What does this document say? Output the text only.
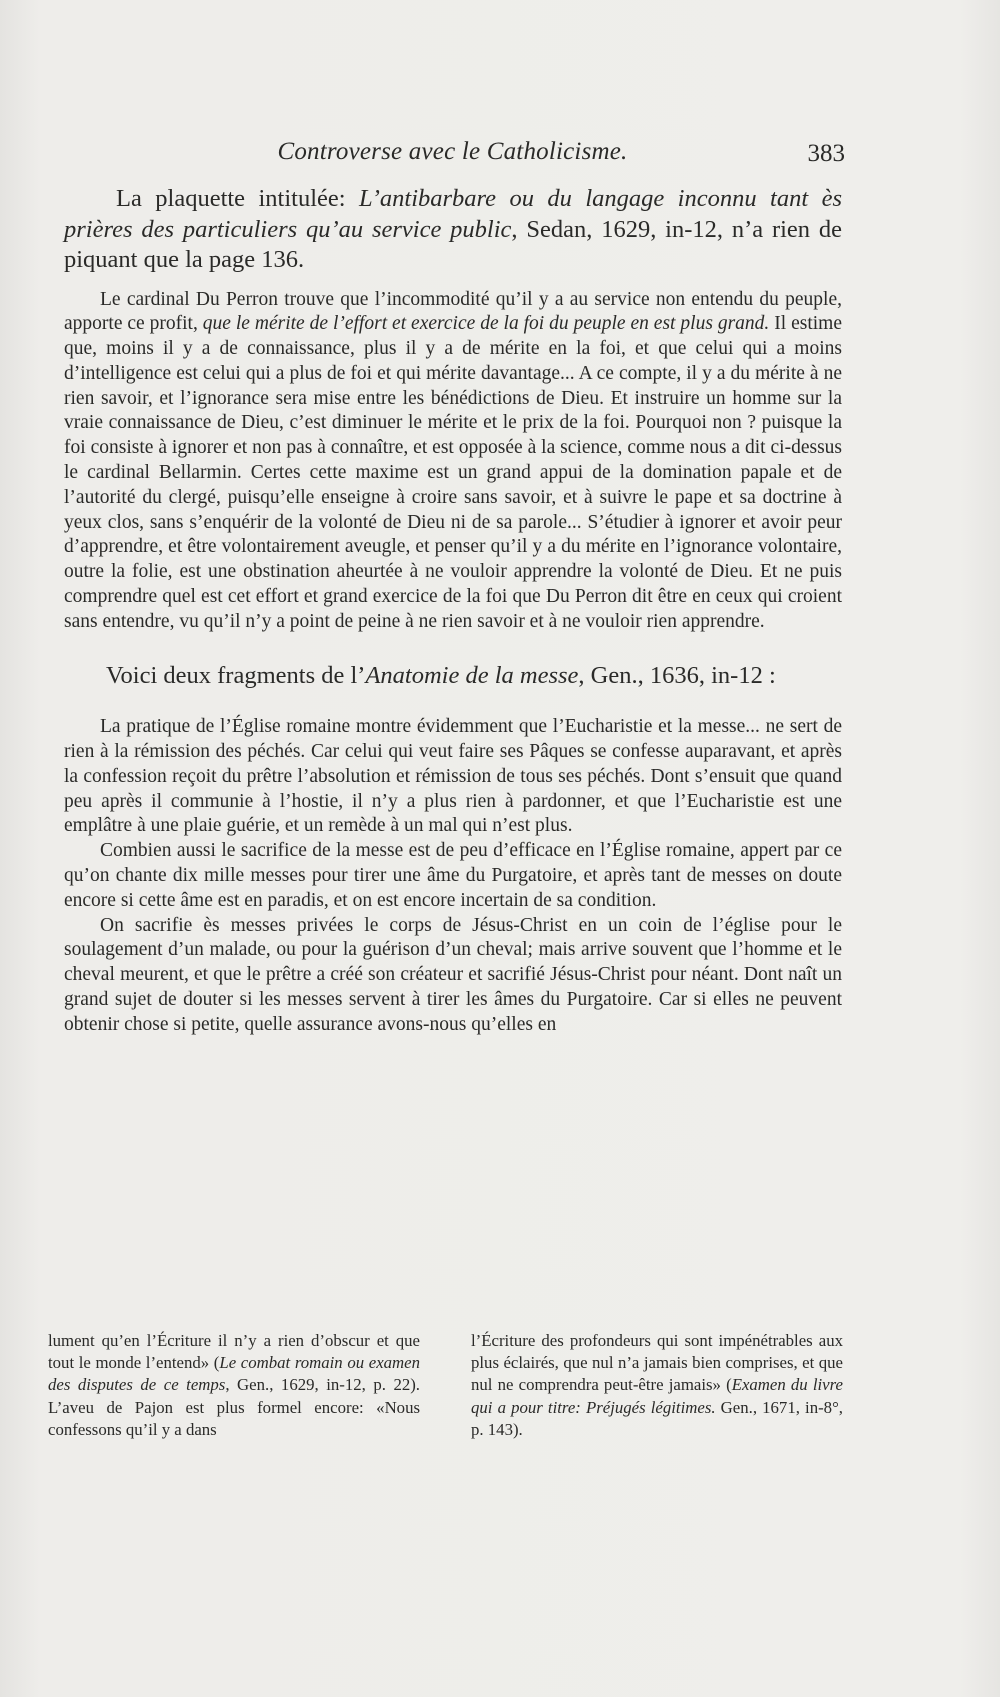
Controverse avec le Catholicisme.	383

La plaquette intitulée: L’antibarbare ou du langage inconnu tant ès prières des particuliers qu’au service public, Sedan, 1629, in-12, n’a rien de piquant que la page 136.

Le cardinal Du Perron trouve que l’incommodité qu’il y a au service non entendu du peuple, apporte ce profit, que le mérite de l’effort et exercice de la foi du peuple en est plus grand. Il estime que, moins il y a de connaissance, plus il y a de mérite en la foi, et que celui qui a moins d’intelligence est celui qui a plus de foi et qui mérite davantage... A ce compte, il y a du mérite à ne rien savoir, et l’ignorance sera mise entre les bénédictions de Dieu. Et instruire un homme sur la vraie connaissance de Dieu, c’est diminuer le mérite et le prix de la foi. Pourquoi non ? puisque la foi consiste à ignorer et non pas à connaître, et est opposée à la science, comme nous a dit ci-dessus le cardinal Bellarmin. Certes cette maxime est un grand appui de la domination papale et de l’autorité du clergé, puisqu’elle enseigne à croire sans savoir, et à suivre le pape et sa doctrine à yeux clos, sans s’enquérir de la volonté de Dieu ni de sa parole... S’étudier à ignorer et avoir peur d’apprendre, et être volontairement aveugle, et penser qu’il y a du mérite en l’ignorance volontaire, outre la folie, est une obstination aheurtée à ne vouloir apprendre la volonté de Dieu. Et ne puis comprendre quel est cet effort et grand exercice de la foi que Du Perron dit être en ceux qui croient sans entendre, vu qu’il n’y a point de peine à ne rien savoir et à ne vouloir rien apprendre.

Voici deux fragments de l’Anatomie de la messe, Gen., 1636, in-12 :

La pratique de l’Église romaine montre évidemment que l’Eucharistie et la messe... ne sert de rien à la rémission des péchés. Car celui qui veut faire ses Pâques se confesse auparavant, et après la confession reçoit du prêtre l’absolution et rémission de tous ses péchés. Dont s’ensuit que quand peu après il communie à l’hostie, il n’y a plus rien à pardonner, et que l’Eucharistie est une emplâtre à une plaie guérie, et un remède à un mal qui n’est plus.

Combien aussi le sacrifice de la messe est de peu d’efficace en l’Église romaine, appert par ce qu’on chante dix mille messes pour tirer une âme du Purgatoire, et après tant de messes on doute encore si cette âme est en paradis, et on est encore incertain de sa condition.

On sacrifie ès messes privées le corps de Jésus-Christ en un coin de l’église pour le soulagement d’un malade, ou pour la guérison d’un cheval; mais arrive souvent que l’homme et le cheval meurent, et que le prêtre a créé son créateur et sacrifié Jésus-Christ pour néant. Dont naît un grand sujet de douter si les messes servent à tirer les âmes du Purgatoire. Car si elles ne peuvent obtenir chose si petite, quelle assurance avons-nous qu’elles en

lument qu’en l’Écriture il n’y a rien d’obscur et que tout le monde l’entend» (Le combat romain ou examen des disputes de ce temps, Gen., 1629, in-12, p. 22). L’aveu de Pajon est plus formel encore: «Nous confessons qu’il y a dans

l’Écriture des profondeurs qui sont impénétrables aux plus éclairés, que nul n’a jamais bien comprises, et que nul ne comprendra peut-être jamais» (Examen du livre qui a pour titre: Préjugés légitimes. Gen., 1671, in-8°, p. 143).
